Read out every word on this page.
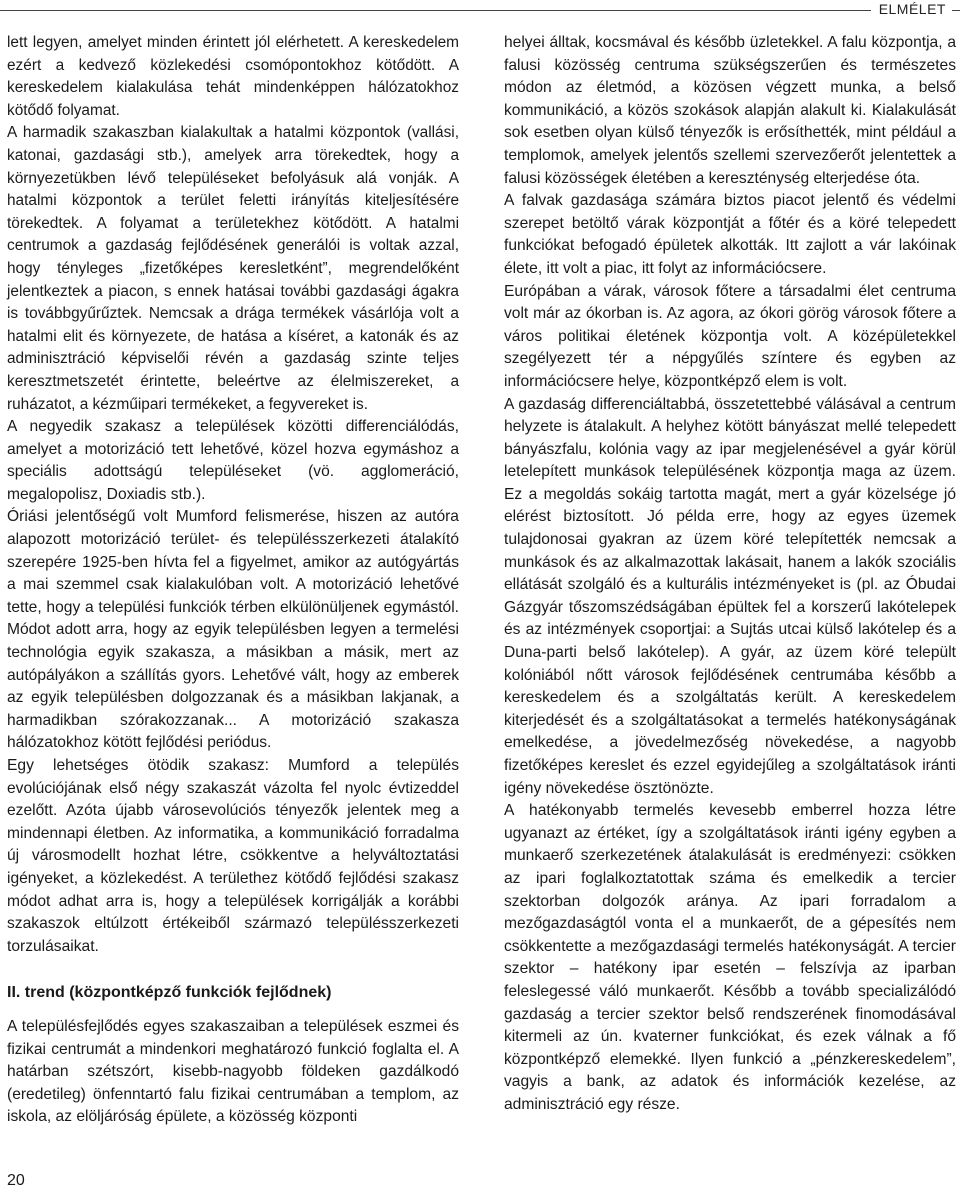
ELMÉLET

lett legyen, amelyet minden érintett jól elérhetett. A kereskedelem ezért a kedvező közlekedési csomópontokhoz kötődött. A kereskedelem kialakulása tehát mindenképpen hálózatokhoz kötődő folyamat.

A harmadik szakaszban kialakultak a hatalmi központok (vallási, katonai, gazdasági stb.), amelyek arra törekedtek, hogy a környezetükben lévő településeket befolyásuk alá vonják. A hatalmi központok a terület feletti irányítás kiteljesítésére törekedtek. A folyamat a területekhez kötődött. A hatalmi centrumok a gazdaság fejlődésének generálói is voltak azzal, hogy tényleges „fizetőképes keresletként”, megrendelőként jelentkeztek a piacon, s ennek hatásai további gazdasági ágakra is továbbgyűrűztek. Nemcsak a drága termékek vásárlója volt a hatalmi elit és környezete, de hatása a kíséret, a katonák és az adminisztráció képviselői révén a gazdaság szinte teljes keresztmetszetét érintette, beleértve az élelmiszereket, a ruházatot, a kézműipari termékeket, a fegyvereket is.

A negyedik szakasz a települések közötti differenciálódás, amelyet a motorizáció tett lehetővé, közel hozva egymáshoz a speciális adottságú településeket (vö. agglomeráció, megalopolisz, Doxiadis stb.).

Óriási jelentőségű volt Mumford felismerése, hiszen az autóra alapozott motorizáció terület- és településszerkezeti átalakító szerepére 1925-ben hívta fel a figyelmet, amikor az autógyártás a mai szemmel csak kialakulóban volt. A motorizáció lehetővé tette, hogy a települési funkciók térben elkülönüljenek egymástól. Módot adott arra, hogy az egyik településben legyen a termelési technológia egyik szakasza, a másikban a másik, mert az autópályákon a szállítás gyors. Lehetővé vált, hogy az emberek az egyik településben dolgozzanak és a másikban lakjanak, a harmadikban szórakozzanak... A motorizáció szakasza hálózatokhoz kötött fejlődési periódus.

Egy lehetséges ötödik szakasz: Mumford a település evolúciójának első négy szakaszát vázolta fel nyolc évtizeddel ezelőtt. Azóta újabb városevolúciós tényezők jelentek meg a mindennapi életben. Az informatika, a kommunikáció forradalma új városmodellt hozhat létre, csökkentve a helyváltoztatási igényeket, a közlekedést. A területhez kötődő fejlődési szakasz módot adhat arra is, hogy a települések korrigálják a korábbi szakaszok eltúlzott értékeiből származó településszerkezeti torzulásaikat.

II. trend (központképző funkciók fejlődnek)

A településfejlődés egyes szakaszaiban a települések eszmei és fizikai centrumát a mindenkori meghatározó funkció foglalta el. A határban szétszórt, kisebb-nagyobb földeken gazdálkodó (eredetileg) önfenntartó falu fizikai centrumában a templom, az iskola, az elöljáróság épülete, a közösség központi

helyei álltak, kocsmával és később üzletekkel. A falu központja, a falusi közösség centruma szükségszerűen és természetes módon az életmód, a közösen végzett munka, a belső kommunikáció, a közös szokások alapján alakult ki. Kialakulását sok esetben olyan külső tényezők is erősíthették, mint például a templomok, amelyek jelentős szellemi szervezőerőt jelentettek a falusi közösségek életében a kereszténység elterjedése óta.

A falvak gazdasága számára biztos piacot jelentő és védelmi szerepet betöltő várak központját a főtér és a köré telepedett funkciókat befogadó épületek alkották. Itt zajlott a vár lakóinak élete, itt volt a piac, itt folyt az információcsere.

Európában a várak, városok főtere a társadalmi élet centruma volt már az ókorban is. Az agora, az ókori görög városok főtere a város politikai életének központja volt. A középületekkel szegélyezett tér a népgyűlés színtere és egyben az információcsere helye, központképző elem is volt.

A gazdaság differenciáltabbá, összetettebbé válásával a centrum helyzete is átalakult. A helyhez kötött bányászat mellé telepedett bányászfalu, kolónia vagy az ipar megjelenésével a gyár körül letelepített munkások településének központja maga az üzem. Ez a megoldás sokáig tartotta magát, mert a gyár közelsége jó elérést biztosított. Jó példa erre, hogy az egyes üzemek tulajdonosai gyakran az üzem köré telepítették nemcsak a munkások és az alkalmazottak lakásait, hanem a lakók szociális ellátását szolgáló és a kulturális intézményeket is (pl. az Óbudai Gázgyár tőszomszédságában épültek fel a korszerű lakótelepek és az intézmények csoportjai: a Sujtás utcai külső lakótelep és a Duna-parti belső lakótelep). A gyár, az üzem köré települt kolóniából nőtt városok fejlődésének centrumába később a kereskedelem és a szolgáltatás került. A kereskedelem kiterjedését és a szolgáltatásokat a termelés hatékonyságának emelkedése, a jövedelmezőség növekedése, a nagyobb fizetőképes kereslet és ezzel egyidejűleg a szolgáltatások iránti igény növekedése ösztönözte.

A hatékonyabb termelés kevesebb emberrel hozza létre ugyanazt az értéket, így a szolgáltatások iránti igény egyben a munkaerő szerkezetének átalakulását is eredményezi: csökken az ipari foglalkoztatottak száma és emelkedik a tercier szektorban dolgozók aránya. Az ipari forradalom a mezőgazdaságtól vonta el a munkaerőt, de a gépesítés nem csökkentette a mezőgazdasági termelés hatékonyságát. A tercier szektor – hatékony ipar esetén – felszívja az iparban feleslegessé váló munkaerőt. Később a tovább specializálódó gazdaság a tercier szektor belső rendszerének finomodásával kitermeli az ún. kvaterner funkciókat, és ezek válnak a fő központképző elemekké. Ilyen funkció a „pénzkereskedelem”, vagyis a bank, az adatok és információk kezelése, az adminisztráció egy része.

20
